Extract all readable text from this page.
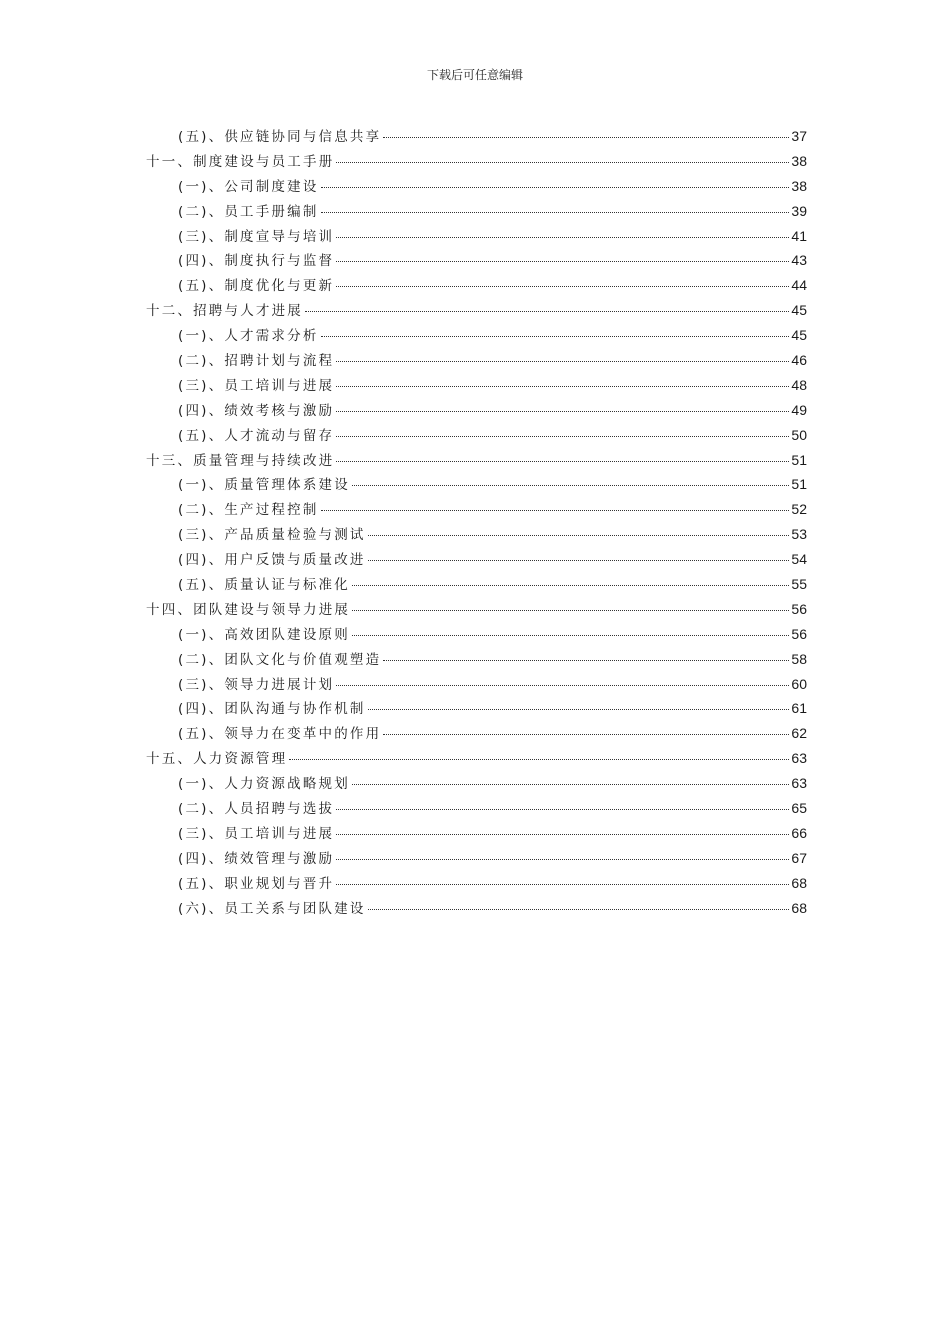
下载后可任意编辑
(五)、供应链协同与信息共享	37
十一、制度建设与员工手册	38
(一)、公司制度建设	38
(二)、员工手册编制	39
(三)、制度宣导与培训	41
(四)、制度执行与监督	43
(五)、制度优化与更新	44
十二、招聘与人才进展	45
(一)、人才需求分析	45
(二)、招聘计划与流程	46
(三)、员工培训与进展	48
(四)、绩效考核与激励	49
(五)、人才流动与留存	50
十三、质量管理与持续改进	51
(一)、质量管理体系建设	51
(二)、生产过程控制	52
(三)、产品质量检验与测试	53
(四)、用户反馈与质量改进	54
(五)、质量认证与标准化	55
十四、团队建设与领导力进展	56
(一)、高效团队建设原则	56
(二)、团队文化与价值观塑造	58
(三)、领导力进展计划	60
(四)、团队沟通与协作机制	61
(五)、领导力在变革中的作用	62
十五、人力资源管理	63
(一)、人力资源战略规划	63
(二)、人员招聘与选拔	65
(三)、员工培训与进展	66
(四)、绩效管理与激励	67
(五)、职业规划与晋升	68
(六)、员工关系与团队建设	68
